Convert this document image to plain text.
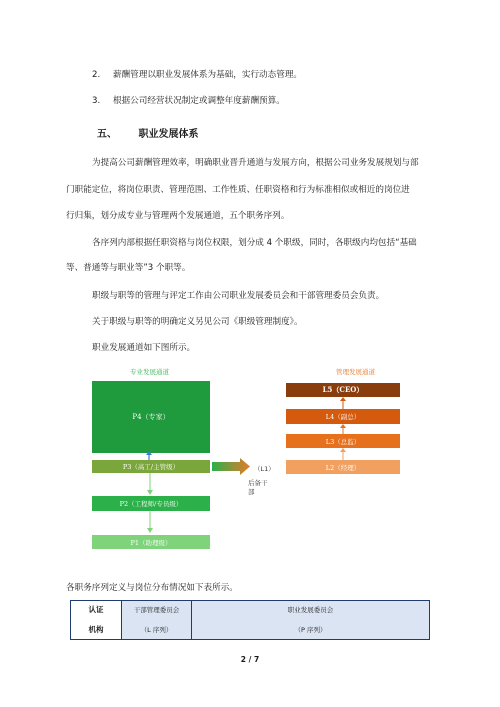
2. 薪酬管理以职业发展体系为基础，实行动态管理。
3. 根据公司经营状况制定或调整年度薪酬预算。
五、 职业发展体系
为提高公司薪酬管理效率，明确职业晋升通道与发展方向，根据公司业务发展规划与部
门职能定位，将岗位职责、管理范围、工作性质、任职资格和行为标准相似或相近的岗位进
行归集，划分成专业与管理两个发展通道，五个职务序列。
各序列内部根据任职资格与岗位权限，划分成 4 个职级，同时，各职级内均包括“基础
等、普通等与职业等”3 个职等。
职级与职等的管理与评定工作由公司职业发展委员会和干部管理委员会负责。
关于职级与职等的明确定义另见公司《职级管理制度》。
职业发展通道如下图所示。
专业发展通道	管理发展通道
P4（专家）
P3（高工/主管级）
P2（工程师/专员级）
P1（助理级）
（L1）
后备干
部
L5（CEO）
L4（副总）
L3（总监）
L2（经理）
各职务序列定义与岗位分布情况如下表所示。
认证
机构
干部管理委员会
（L 序列）
职业发展委员会
（P 序列）
2 / 7
